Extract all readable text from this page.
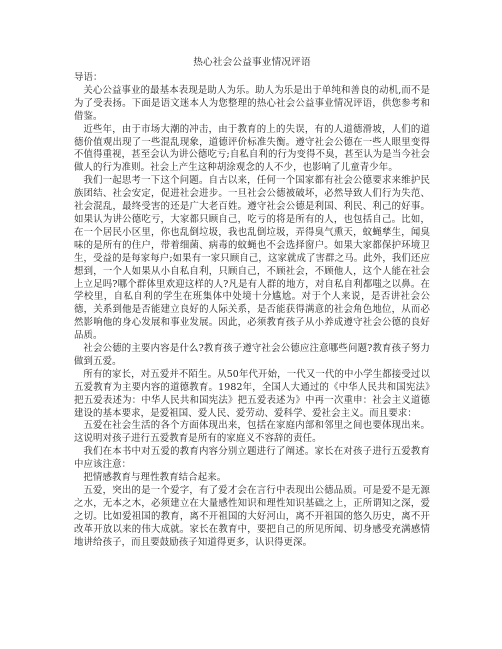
热心社会公益事业情况评语

导语：

关心公益事业的最基本表现是助人为乐。助人为乐是出于单纯和善良的动机,而不是为了受表扬。下面是语文迷本人为您整理的热心社会公益事业情况评语，供您参考和借鉴。

近些年，由于市场大潮的冲击，由于教育的上的失误，有的人道德滑坡，人们的道德价值观出现了一些混乱现象，道德评价标准失衡。遵守社会公德在一些人眼里变得不值得重视，甚至会认为讲公德吃亏;自私自利的行为变得不臭，甚至认为是当今社会做人的行为准则。社会上产生这种胡涂观念的人不少，也影响了儿童青少年。

我们一起思考一下这个问题。自古以来，任何一个国家都有社会公德要求来维护民族团结、社会安定，促进社会进步。一旦社会公德被破坏，必然导致人们行为失范、社会混乱，最终受害的还是广大老百姓。遵守社会公德是利国、利民、利己的好事。如果认为讲公德吃亏，大家都只顾自己，吃亏的将是所有的人，也包括自己。比如，在一个居民小区里，你也乱倒垃圾，我也乱倒垃圾，弄得臭气熏天，蚊蝇孳生，闻臭味的是所有的住户，带着细菌、病毒的蚊蝇也不会选择窗户。如果大家都保护环境卫生，受益的是每家每户;如果有一家只顾自己，这家就成了害群之马。此外，我们还应想到，一个人如果从小自私自利，只顾自己，不顾社会，不顾他人，这个人能在社会上立足吗?哪个群体里欢迎这样的人?凡是有人群的地方，对自私自利都嗤之以鼻。在学校里，自私自利的学生在班集体中处境十分尴尬。对于个人来说，是否讲社会公德，关系到他是否能建立良好的人际关系，是否能获得满意的社会角色地位，从而必然影响他的身心发展和事业发展。因此，必须教育孩子从小养成遵守社会公德的良好品质。

社会公德的主要内容是什么?教育孩子遵守社会公德应注意哪些问题?教育孩子努力做到五爱。

所有的家长，对五爱并不陌生。从50年代开始，一代又一代的中小学生都接受过以五爱教育为主要内容的道德教育。1982年，全国人大通过的《中华人民共和国宪法》把五爱表述为：中华人民共和国宪法》把五爱表述为》中再一次重申：社会主义道德建设的基本要求，是爱祖国、爱人民、爱劳动、爱科学、爱社会主义。而且要求：

五爱在社会生活的各个方面体现出来，包括在家庭内部和邻里之间也要体现出来。这说明对孩子进行五爱教育是所有的家庭义不容辞的责任。

我们在本书中对五爱的教育内容分别立题进行了阐述。家长在对孩子进行五爱教育中应该注意：

把情感教育与理性教育结合起来。

五爱，突出的是一个爱字，有了爱才会在言行中表现出公德品质。可是爱不是无源之水，无本之木，必须建立在大量感性知识和理性知识基础之上，正所谓知之深，爱之切。比如爱祖国的教育，离不开祖国的大好河山，离不开祖国的悠久历史，离不开改革开放以来的伟大成就。家长在教育中，要把自己的所见所闻、切身感受充满感情地讲给孩子，而且要鼓励孩子知道得更多，认识得更深。
